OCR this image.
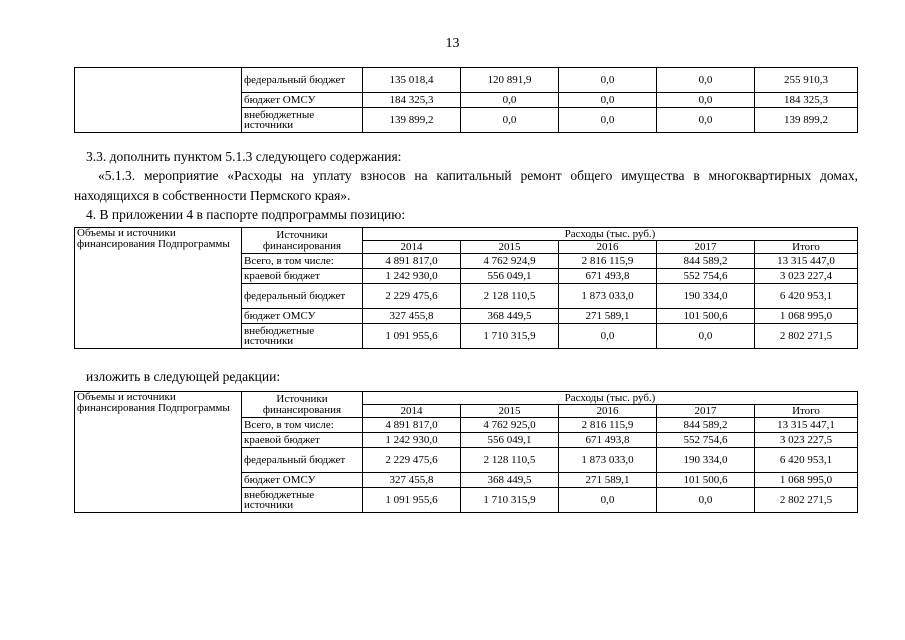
13
	федеральный бюджет	135 018,4	120 891,9	0,0	0,0	255 910,3
	бюджет ОМСУ	184 325,3	0,0	0,0	0,0	184 325,3
	внебюджетные источники	139 899,2	0,0	0,0	0,0	139 899,2
3.3. дополнить пунктом 5.1.3 следующего содержания:
«5.1.3. мероприятие «Расходы на уплату взносов на капитальный ремонт общего имущества в многоквартирных домах, находящихся в собственности Пермского края».
4. В приложении 4 в паспорте подпрограммы позицию:
Объемы и источники финансирования Подпрограммы	Источники финансирования	Расходы (тыс. руб.)				
		2014	2015	2016	2017	Итого
	Всего, в том числе:	4 891 817,0	4 762 924,9	2 816 115,9	844 589,2	13 315 447,0
	краевой бюджет	1 242 930,0	556 049,1	671 493,8	552 754,6	3 023 227,4
	федеральный бюджет	2 229 475,6	2 128 110,5	1 873 033,0	190 334,0	6 420 953,1
	бюджет ОМСУ	327 455,8	368 449,5	271 589,1	101 500,6	1 068 995,0
	внебюджетные источники	1 091 955,6	1 710 315,9	0,0	0,0	2 802 271,5
изложить в следующей редакции:
Объемы и источники финансирования Подпрограммы	Источники финансирования	Расходы (тыс. руб.)				
		2014	2015	2016	2017	Итого
	Всего, в том числе:	4 891 817,0	4 762 925,0	2 816 115,9	844 589,2	13 315 447,1
	краевой бюджет	1 242 930,0	556 049,1	671 493,8	552 754,6	3 023 227,5
	федеральный бюджет	2 229 475,6	2 128 110,5	1 873 033,0	190 334,0	6 420 953,1
	бюджет ОМСУ	327 455,8	368 449,5	271 589,1	101 500,6	1 068 995,0
	внебюджетные источники	1 091 955,6	1 710 315,9	0,0	0,0	2 802 271,5
